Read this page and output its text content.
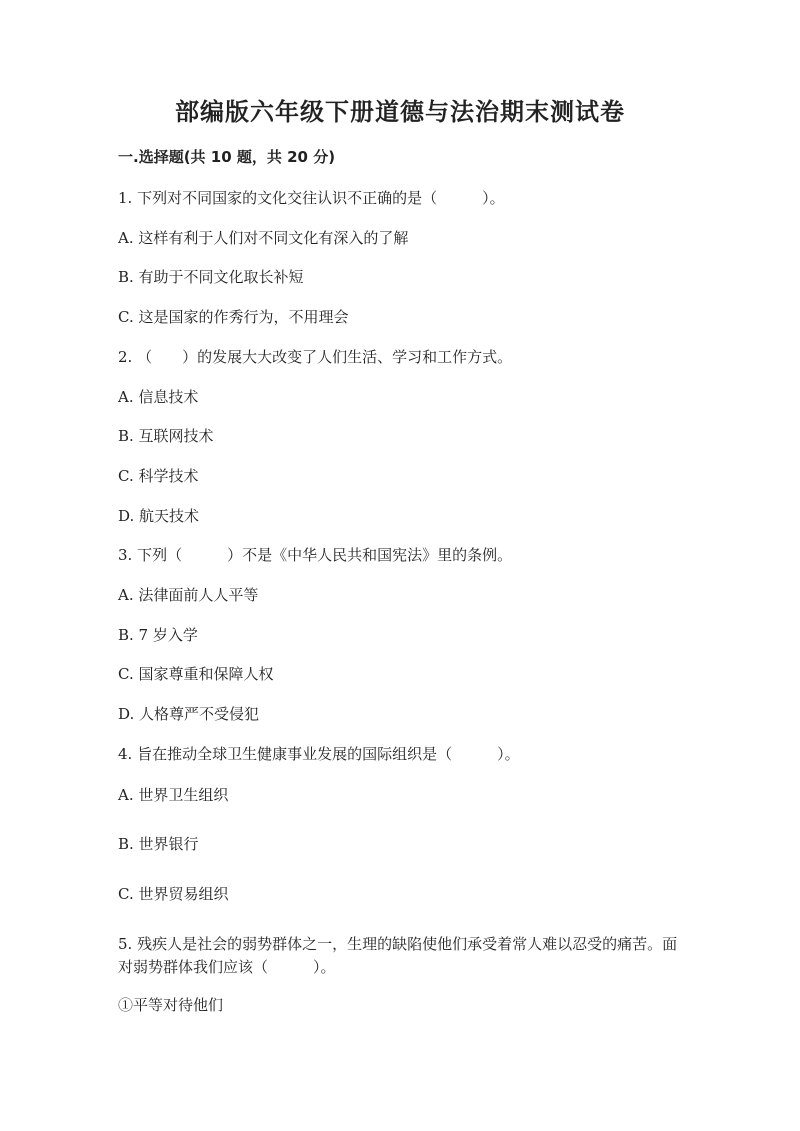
部编版六年级下册道德与法治期末测试卷
一.选择题(共 10 题，共 20 分)
1. 下列对不同国家的文化交往认识不正确的是（　　　）。
A. 这样有利于人们对不同文化有深入的了解
B. 有助于不同文化取长补短
C. 这是国家的作秀行为，不用理会
2. （　　）的发展大大改变了人们生活、学习和工作方式。
A. 信息技术
B. 互联网技术
C. 科学技术
D. 航天技术
3. 下列（　　　）不是《中华人民共和国宪法》里的条例。
A. 法律面前人人平等
B. 7 岁入学
C. 国家尊重和保障人权
D. 人格尊严不受侵犯
4. 旨在推动全球卫生健康事业发展的国际组织是（　　　）。
A. 世界卫生组织
B. 世界银行
C. 世界贸易组织
5. 残疾人是社会的弱势群体之一，生理的缺陷使他们承受着常人难以忍受的痛苦。面对弱势群体我们应该（　　　）。
①平等对待他们
